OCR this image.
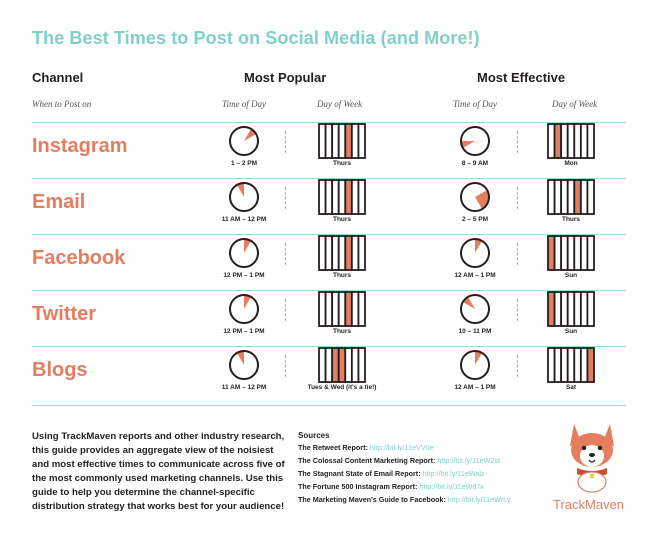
The Best Times to Post on Social Media (and More!)
Channel	Most Popular	Most Effective
When to Post on	Time of Day	Day of Week	Time of Day	Day of Week
Instagram
1 – 2 PM	Thurs	8 – 9 AM	Mon
Email
11 AM – 12 PM	Thurs	2 – 5 PM	Thurs
Facebook
12 PM – 1 PM	Thurs	12 AM – 1 PM	Sun
Twitter
12 PM – 1 PM	Thurs	10 – 11 PM	Sun
Blogs
11 AM – 12 PM	Tues & Wed (it's a tie!)	12 AM – 1 PM	Sat
Using TrackMaven reports and other industry research, this guide provides an aggregate view of the noisiest and most effective times to communicate across five of the most commonly used marketing channels. Use this guide to help you determine the channel-specific distribution strategy that works best for your audience!
Sources
The Retweet Report: http://bit.ly/11eVV0e
The Colossal Content Marketing Report: http://bit.ly/11eW2st
The Stagnant State of Email Report: http://bit.ly/11eWalz
The Fortune 500 Instagram Report: http://bit.ly/11eWd7k
The Marketing Maven's Guide to Facebook: http://bit.ly/11eWrLy	TrackMaven
